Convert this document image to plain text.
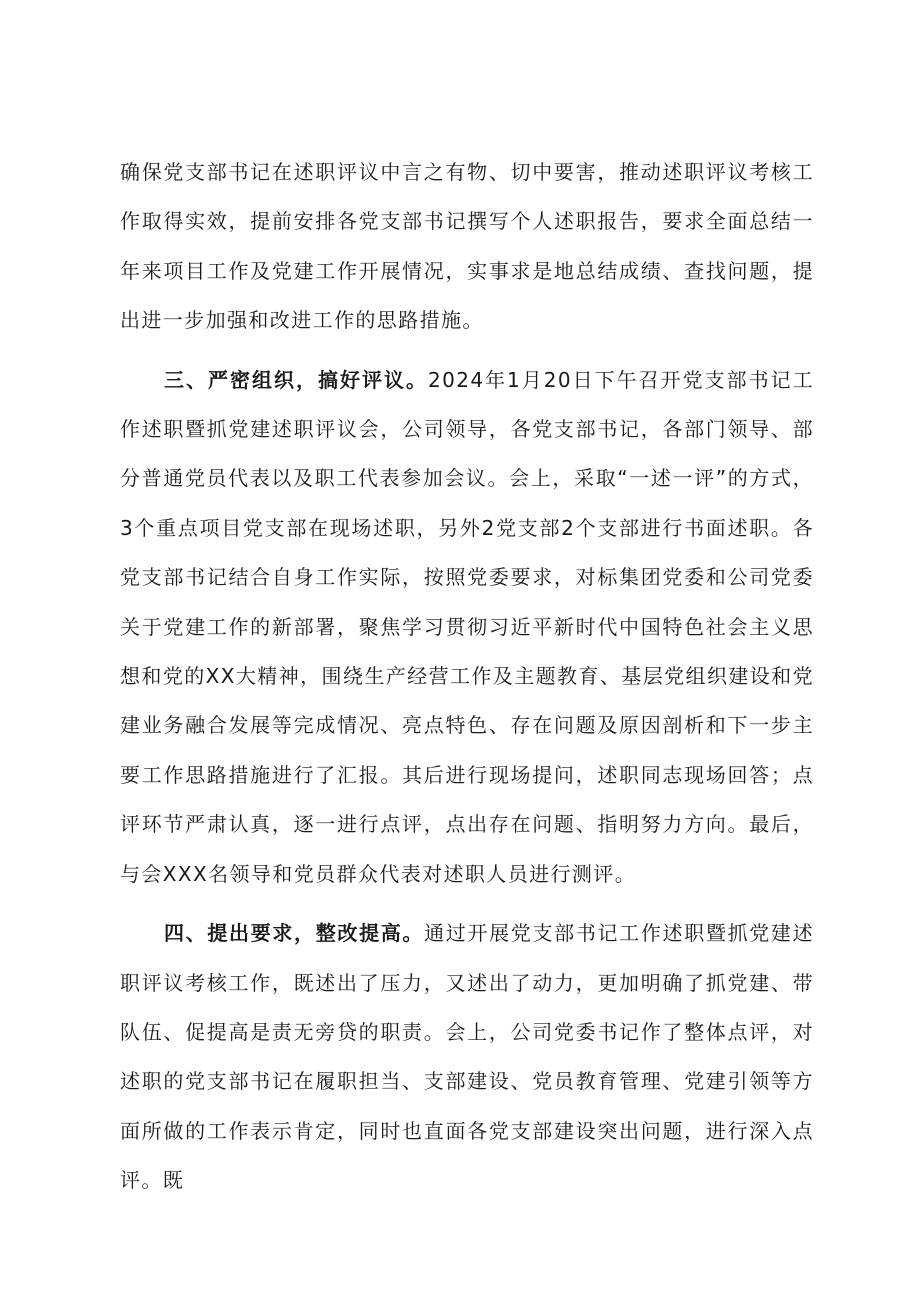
确保党支部书记在述职评议中言之有物、切中要害，推动述职评议考核工作取得实效，提前安排各党支部书记撰写个人述职报告，要求全面总结一年来项目工作及党建工作开展情况，实事求是地总结成绩、查找问题，提出进一步加强和改进工作的思路措施。

三、严密组织，搞好评议。2024年1月20日下午召开党支部书记工作述职暨抓党建述职评议会，公司领导，各党支部书记，各部门领导、部分普通党员代表以及职工代表参加会议。会上，采取“一述一评”的方式，3个重点项目党支部在现场述职，另外2党支部2个支部进行书面述职。各党支部书记结合自身工作实际，按照党委要求，对标集团党委和公司党委关于党建工作的新部署，聚焦学习贯彻习近平新时代中国特色社会主义思想和党的XX大精神，围绕生产经营工作及主题教育、基层党组织建设和党建业务融合发展等完成情况、亮点特色、存在问题及原因剖析和下一步主要工作思路措施进行了汇报。其后进行现场提问，述职同志现场回答；点评环节严肃认真，逐一进行点评，点出存在问题、指明努力方向。最后，与会XXX名领导和党员群众代表对述职人员进行测评。

四、提出要求，整改提高。通过开展党支部书记工作述职暨抓党建述职评议考核工作，既述出了压力，又述出了动力，更加明确了抓党建、带队伍、促提高是责无旁贷的职责。会上，公司党委书记作了整体点评，对述职的党支部书记在履职担当、支部建设、党员教育管理、党建引领等方面所做的工作表示肯定，同时也直面各党支部建设突出问题，进行深入点评。既
